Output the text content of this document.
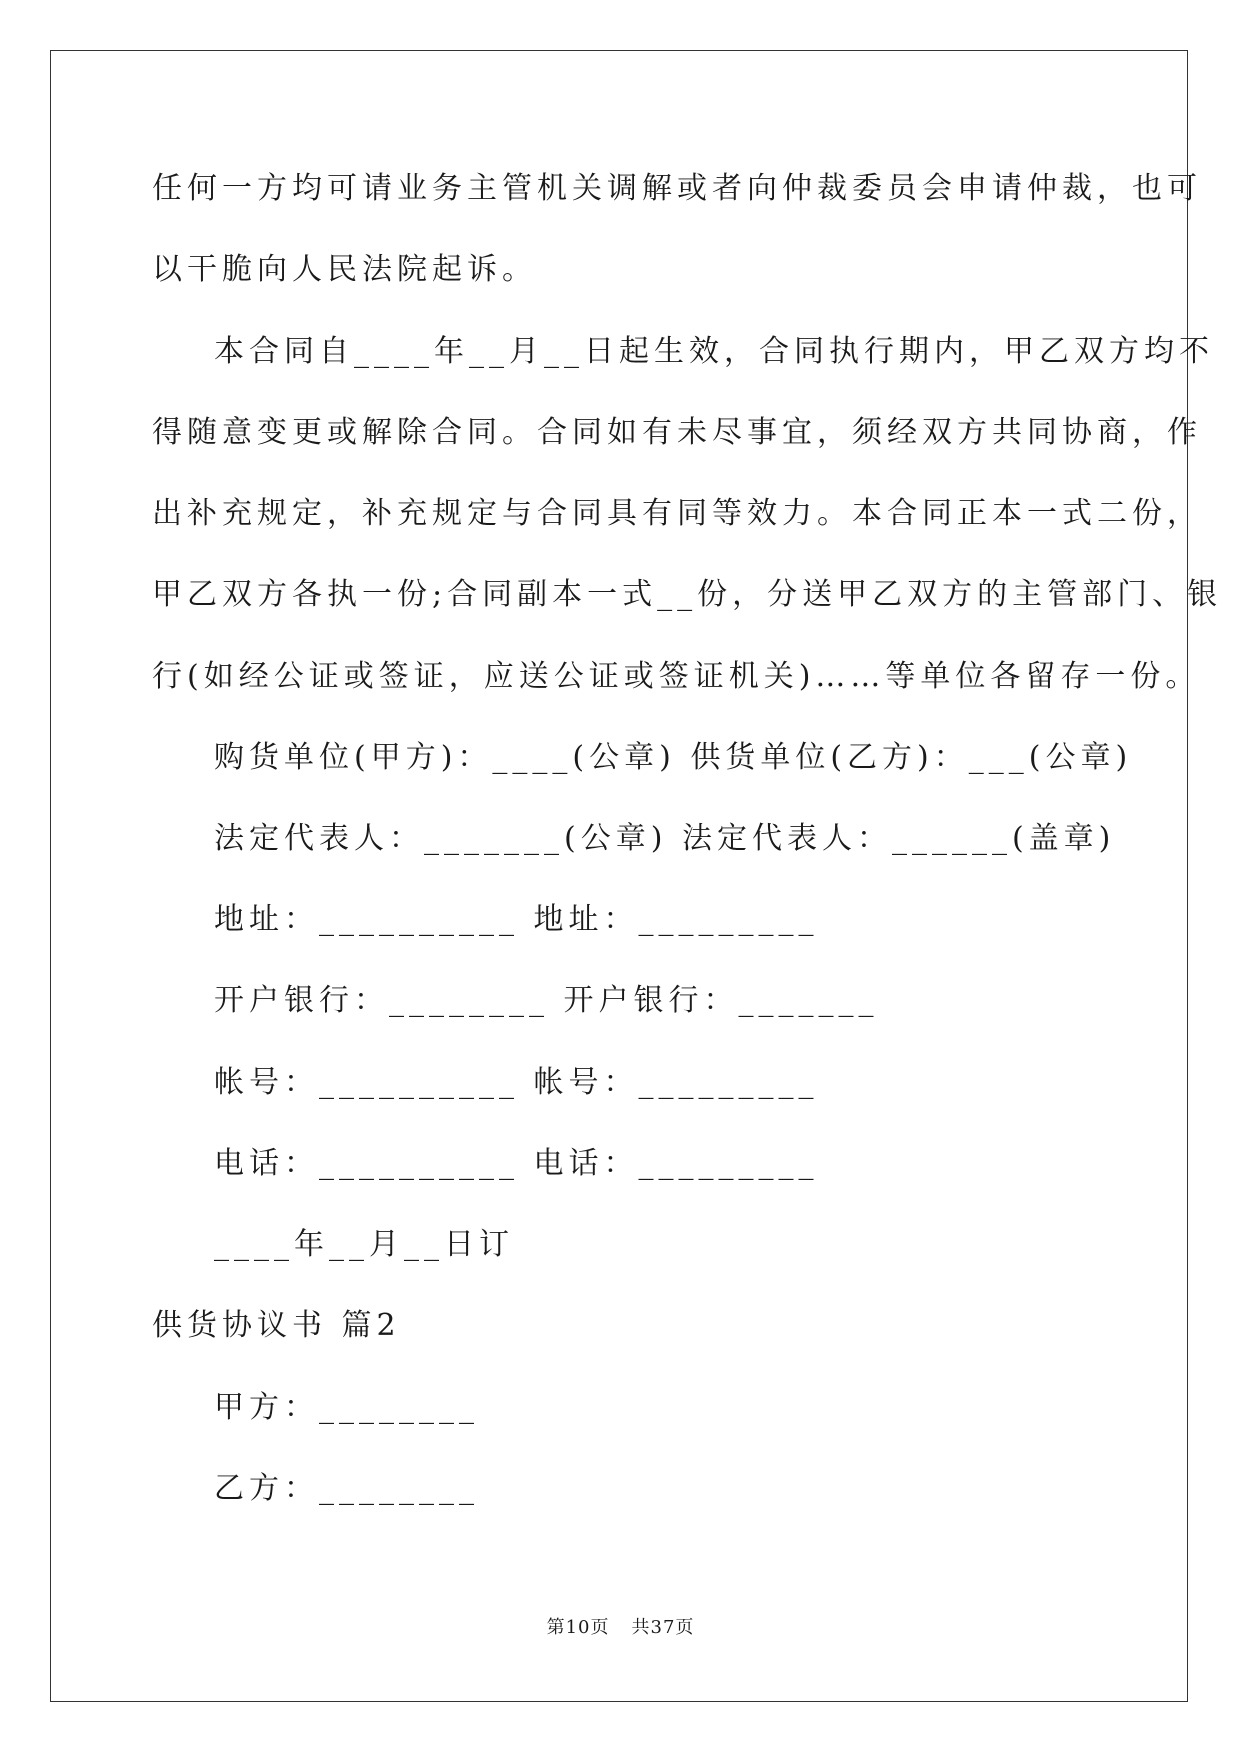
任何一方均可请业务主管机关调解或者向仲裁委员会申请仲裁，也可
以干脆向人民法院起诉。
本合同自____年__月__日起生效，合同执行期内，甲乙双方均不
得随意变更或解除合同。合同如有未尽事宜，须经双方共同协商，作
出补充规定，补充规定与合同具有同等效力。本合同正本一式二份，
甲乙双方各执一份;合同副本一式__份，分送甲乙双方的主管部门、银
行(如经公证或签证，应送公证或签证机关)……等单位各留存一份。
购货单位(甲方)：____(公章) 供货单位(乙方)：___(公章)
法定代表人：_______(公章) 法定代表人：______(盖章)
地址：__________ 地址：_________
开户银行：________ 开户银行：_______
帐号：__________ 帐号：_________
电话：__________ 电话：_________
____年__月__日订
供货协议书 篇2
甲方：________
乙方：________
第10页 共37页
